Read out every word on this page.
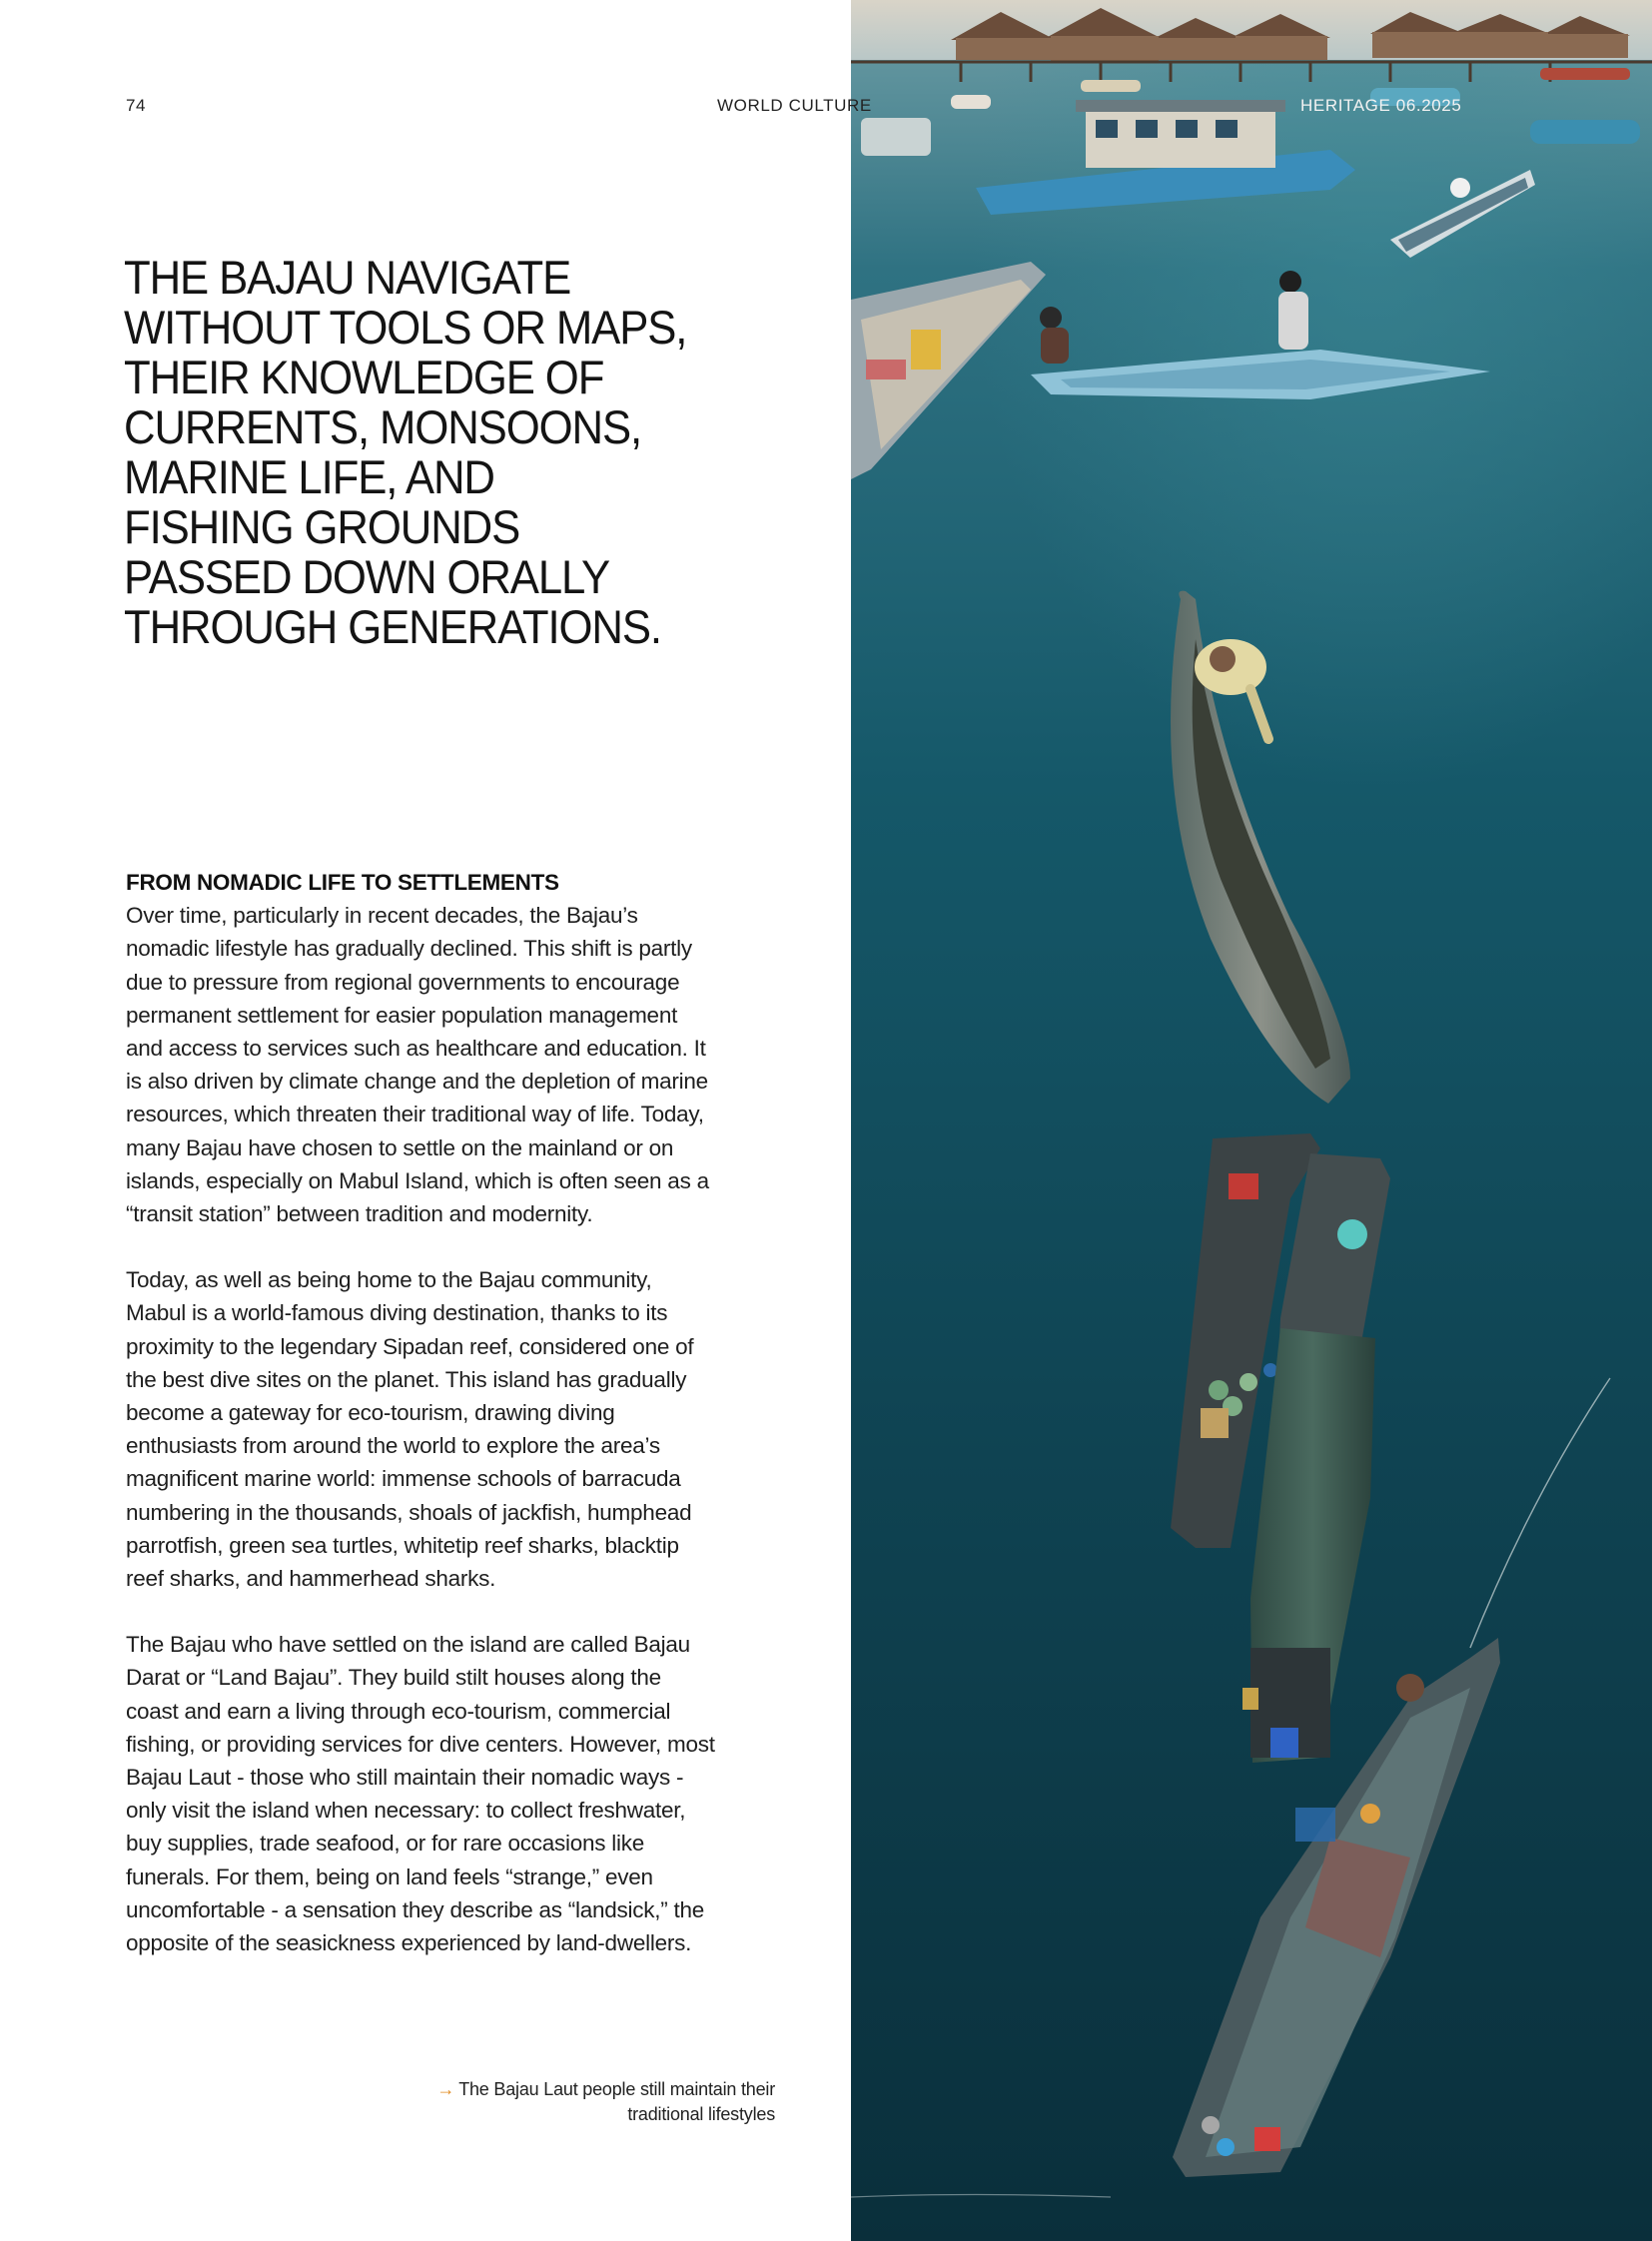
74	WORLD CULTURE	HERITAGE 06.2025
THE BAJAU NAVIGATE
WITHOUT TOOLS OR MAPS,
THEIR KNOWLEDGE OF
CURRENTS, MONSOONS,
MARINE LIFE, AND
FISHING GROUNDS
PASSED DOWN ORALLY
THROUGH GENERATIONS.
FROM NOMADIC LIFE TO SETTLEMENTS

Over time, particularly in recent decades, the Bajau’s
nomadic lifestyle has gradually declined. This shift is partly
due to pressure from regional governments to encourage
permanent settlement for easier population management
and access to services such as healthcare and education. It
is also driven by climate change and the depletion of marine
resources, which threaten their traditional way of life. Today,
many Bajau have chosen to settle on the mainland or on
islands, especially on Mabul Island, which is often seen as a
“transit station” between tradition and modernity.

Today, as well as being home to the Bajau community,
Mabul is a world-famous diving destination, thanks to its
proximity to the legendary Sipadan reef, considered one of
the best dive sites on the planet. This island has gradually
become a gateway for eco-tourism, drawing diving
enthusiasts from around the world to explore the area’s
magnificent marine world: immense schools of barracuda
numbering in the thousands, shoals of jackfish, humphead
parrotfish, green sea turtles, whitetip reef sharks, blacktip
reef sharks, and hammerhead sharks.

The Bajau who have settled on the island are called Bajau
Darat or “Land Bajau”. They build stilt houses along the
coast and earn a living through eco-tourism, commercial
fishing, or providing services for dive centers. However, most
Bajau Laut - those who still maintain their nomadic ways -
only visit the island when necessary: to collect freshwater,
buy supplies, trade seafood, or for rare occasions like
funerals. For them, being on land feels “strange,” even
uncomfortable - a sensation they describe as “landsick,” the
opposite of the seasickness experienced by land-dwellers.

→ The Bajau Laut people still maintain their
traditional lifestyles
